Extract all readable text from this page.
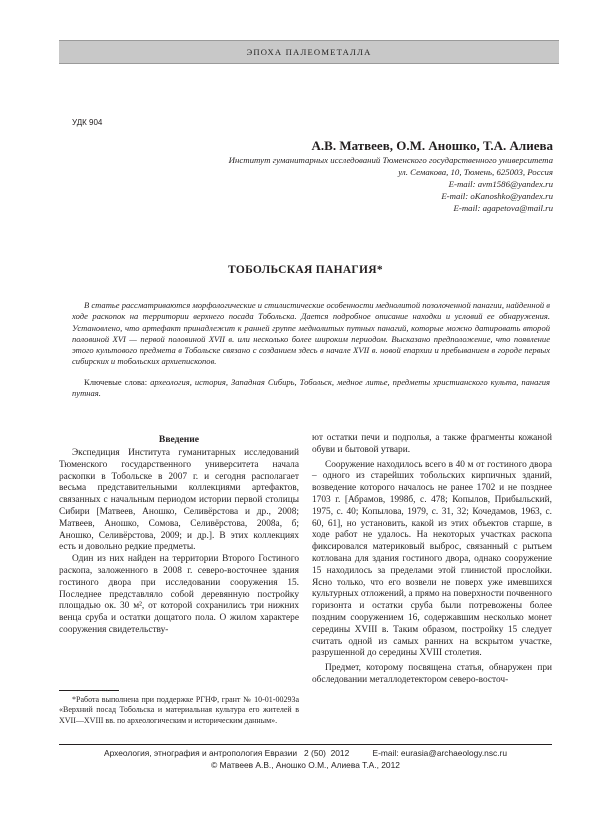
ЭПОХА ПАЛЕОМЕТАЛЛА
УДК 904
А.В. Матвеев, О.М. Аношко, Т.А. Алиева
Институт гуманитарных исследований Тюменского государственного университета
ул. Семакова, 10, Тюмень, 625003, Россия
E-mail: avm1586@yandex.ru
E-mail: oKanoshko@yandex.ru
E-mail: agapetova@mail.ru
ТОБОЛЬСКАЯ ПАНАГИЯ*
В статье рассматриваются морфологические и стилистические особенности меднолитой позолоченной панагии, найденной в ходе раскопок на территории верхнего посада Тобольска. Дается подробное описание находки и условий ее обнаружения. Установлено, что артефакт принадлежит к ранней группе меднолитых путных панагий, которые можно датировать второй половиной XVI — первой половиной XVII в. или несколько более широким периодом. Высказано предположение, что появление этого культового предмета в Тобольске связано с созданием здесь в начале XVII в. новой епархии и пребыванием в городе первых сибирских и тобольских архиепископов.
Ключевые слова: археология, история, Западная Сибирь, Тобольск, медное литье, предметы христианского культа, панагия путная.
Введение

Экспедиция Института гуманитарных исследований Тюменского государственного университета начала раскопки в Тобольске в 2007 г. и сегодня располагает весьма представительными коллекциями артефактов, связанных с начальным периодом истории первой столицы Сибири [Матвеев, Аношко, Селивёрстова и др., 2008; Матвеев, Аношко, Сомова, Селивёрстова, 2008а, б; Аношко, Селивёрстова, 2009; и др.]. В этих коллекциях есть и довольно редкие предметы.

Один из них найден на территории Второго Гостиного раскопа, заложенного в 2008 г. северо-восточнее здания гостиного двора при исследовании сооружения 15. Последнее представляло собой деревянную постройку площадью ок. 30 м², от которой сохранились три нижних венца сруба и остатки дощатого пола. О жилом характере сооружения свидетельству-

ют остатки печи и подполья, а также фрагменты кожаной обуви и бытовой утвари.

Сооружение находилось всего в 40 м от гостиного двора – одного из старейших тобольских кирпичных зданий, возведение которого началось не ранее 1702 и не позднее 1703 г. [Абрамов, 1998б, с. 478; Копылов, Прибыльский, 1975, с. 40; Копылова, 1979, с. 31, 32; Кочедамов, 1963, с. 60, 61], но установить, какой из этих объектов старше, в ходе работ не удалось. На некоторых участках раскопа фиксировался материковый выброс, связанный с рытьем котлована для здания гостиного двора, однако сооружение 15 находилось за пределами этой глинистой прослойки. Ясно только, что его возвели не поверх уже имевшихся культурных отложений, а прямо на поверхности почвенного горизонта и остатки сруба были потревожены более поздним сооружением 16, содержавшим несколько монет середины XVIII в. Таким образом, постройку 15 следует считать одной из самых ранних на вскрытом участке, разрушенной до середины XVIII столетия.

Предмет, которому посвящена статья, обнаружен при обследовании металлодетектором северо-восточ-

*Работа выполнена при поддержке РГНФ, грант № 10-01-00293а «Верхний посад Тобольска и материальная культура его жителей в XVII—XVIII вв. по археологическим и историческим данным».
Археология, этнография и антропология Евразии   2 (50)  2012          E-mail: eurasia@archaeology.nsc.ru
© Матвеев А.В., Аношко О.М., Алиева Т.А., 2012
